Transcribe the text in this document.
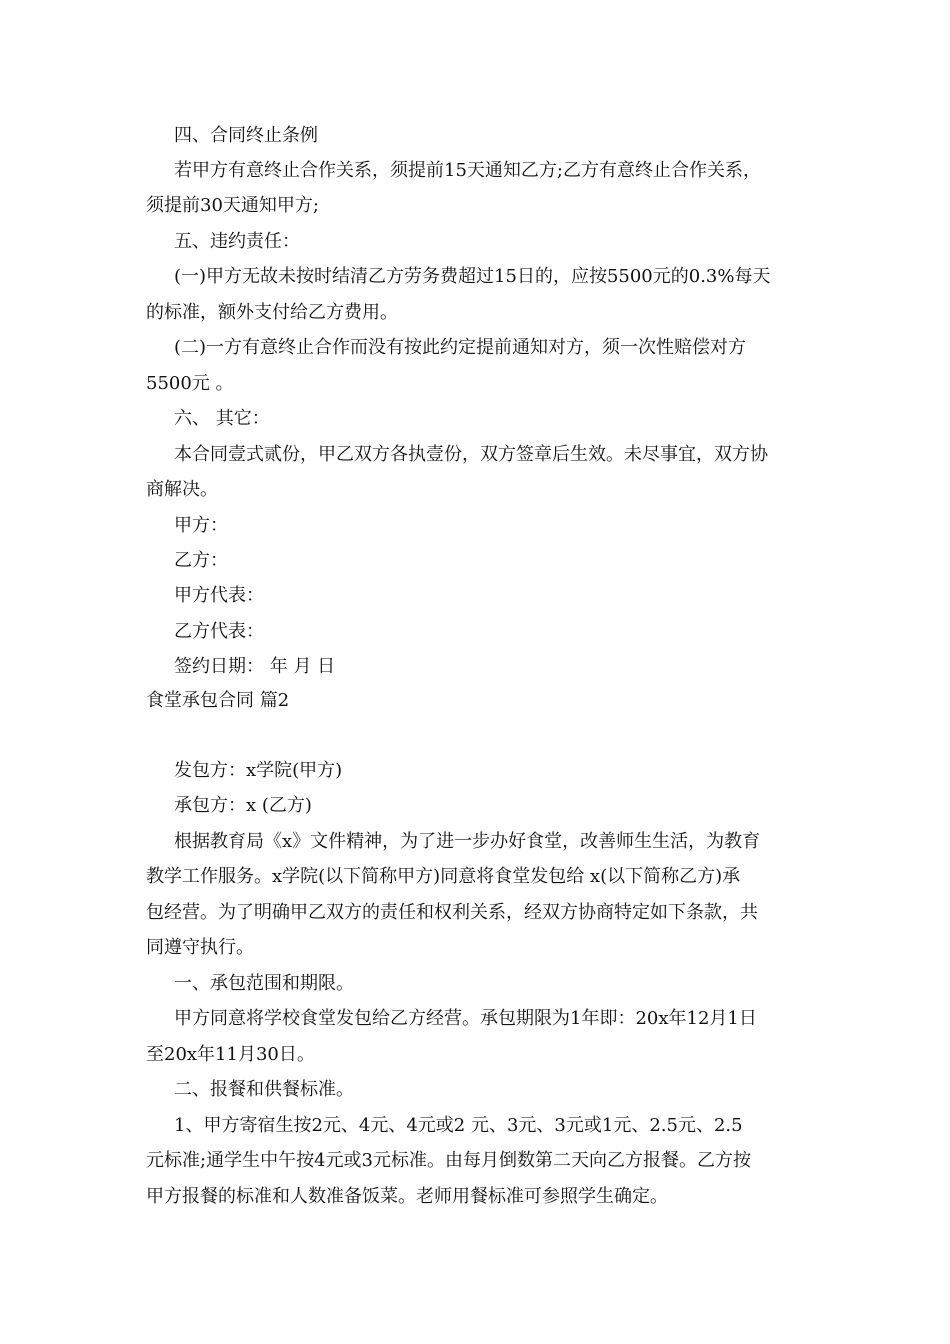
四、合同终止条例

若甲方有意终止合作关系，须提前15天通知乙方;乙方有意终止合作关系，

须提前30天通知甲方;

五、违约责任：

(一)甲方无故未按时结清乙方劳务费超过15日的，应按5500元的0.3%每天

的标准，额外支付给乙方费用。

(二)一方有意终止合作而没有按此约定提前通知对方，须一次性赔偿对方

5500元 。

六、 其它：

本合同壹式贰份，甲乙双方各执壹份，双方签章后生效。未尽事宜，双方协

商解决。

甲方：

乙方：

甲方代表：

乙方代表：

签约日期： 年 月 日

食堂承包合同 篇2

发包方：x学院(甲方)

承包方：x (乙方)

根据教育局《x》文件精神，为了进一步办好食堂，改善师生生活，为教育

教学工作服务。x学院(以下简称甲方)同意将食堂发包给 x(以下简称乙方)承

包经营。为了明确甲乙双方的责任和权利关系，经双方协商特定如下条款，共

同遵守执行。

一、承包范围和期限。

甲方同意将学校食堂发包给乙方经营。承包期限为1年即：20x年12月1日

至20x年11月30日。

二、报餐和供餐标准。

1、甲方寄宿生按2元、4元、4元或2 元、3元、3元或1元、2.5元、2.5

元标准;通学生中午按4元或3元标准。由每月倒数第二天向乙方报餐。乙方按

甲方报餐的标准和人数准备饭菜。老师用餐标准可参照学生确定。
